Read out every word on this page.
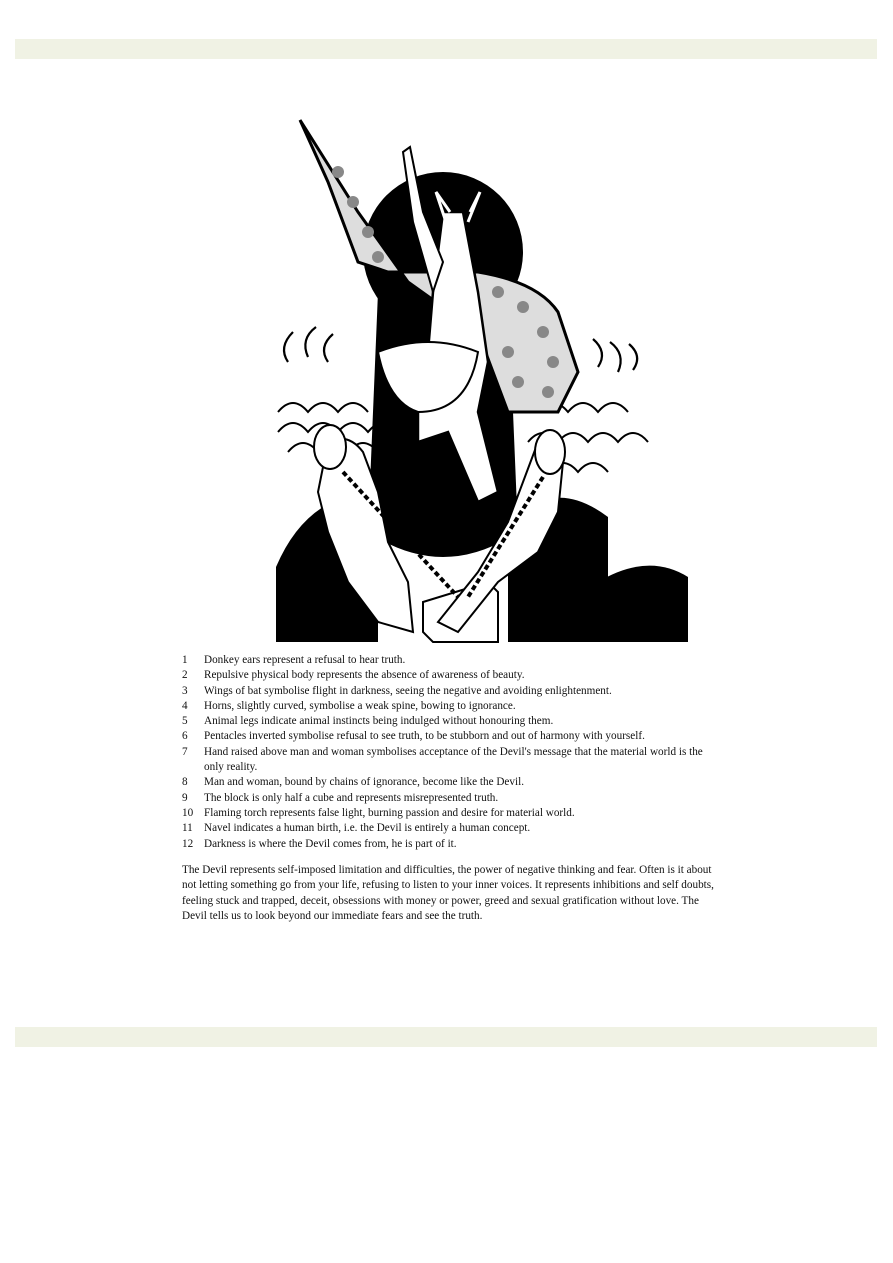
1	Donkey ears represent a refusal to hear truth.
2	Repulsive physical body represents the absence of awareness of beauty.
3	Wings of bat symbolise flight in darkness, seeing the negative and avoiding enlightenment.
4	Horns, slightly curved, symbolise a weak spine, bowing to ignorance.
5	Animal legs indicate animal instincts being indulged without honouring them.
6	Pentacles inverted symbolise refusal to see truth, to be stubborn and out of harmony with yourself.
7	Hand raised above man and woman symbolises acceptance of the Devil's message that the material world is the only reality.
8	Man and woman, bound by chains of ignorance, become like the Devil.
9	The block is only half a cube and represents misrepresented truth.
10 Flaming torch represents false light, burning passion and desire for material world.
11	Navel indicates a human birth, i.e. the Devil is entirely a human concept.
12 Darkness is where the Devil comes from, he is part of it.

The Devil represents self-imposed limitation and difficulties, the power of negative thinking and fear. Often is it about not letting something go from your life, refusing to listen to your inner voices. It represents inhibitions and self doubts, feeling stuck and trapped, deceit, obsessions with money or power, greed and sexual gratification without love. The Devil tells us to look beyond our immediate fears and see the truth.
